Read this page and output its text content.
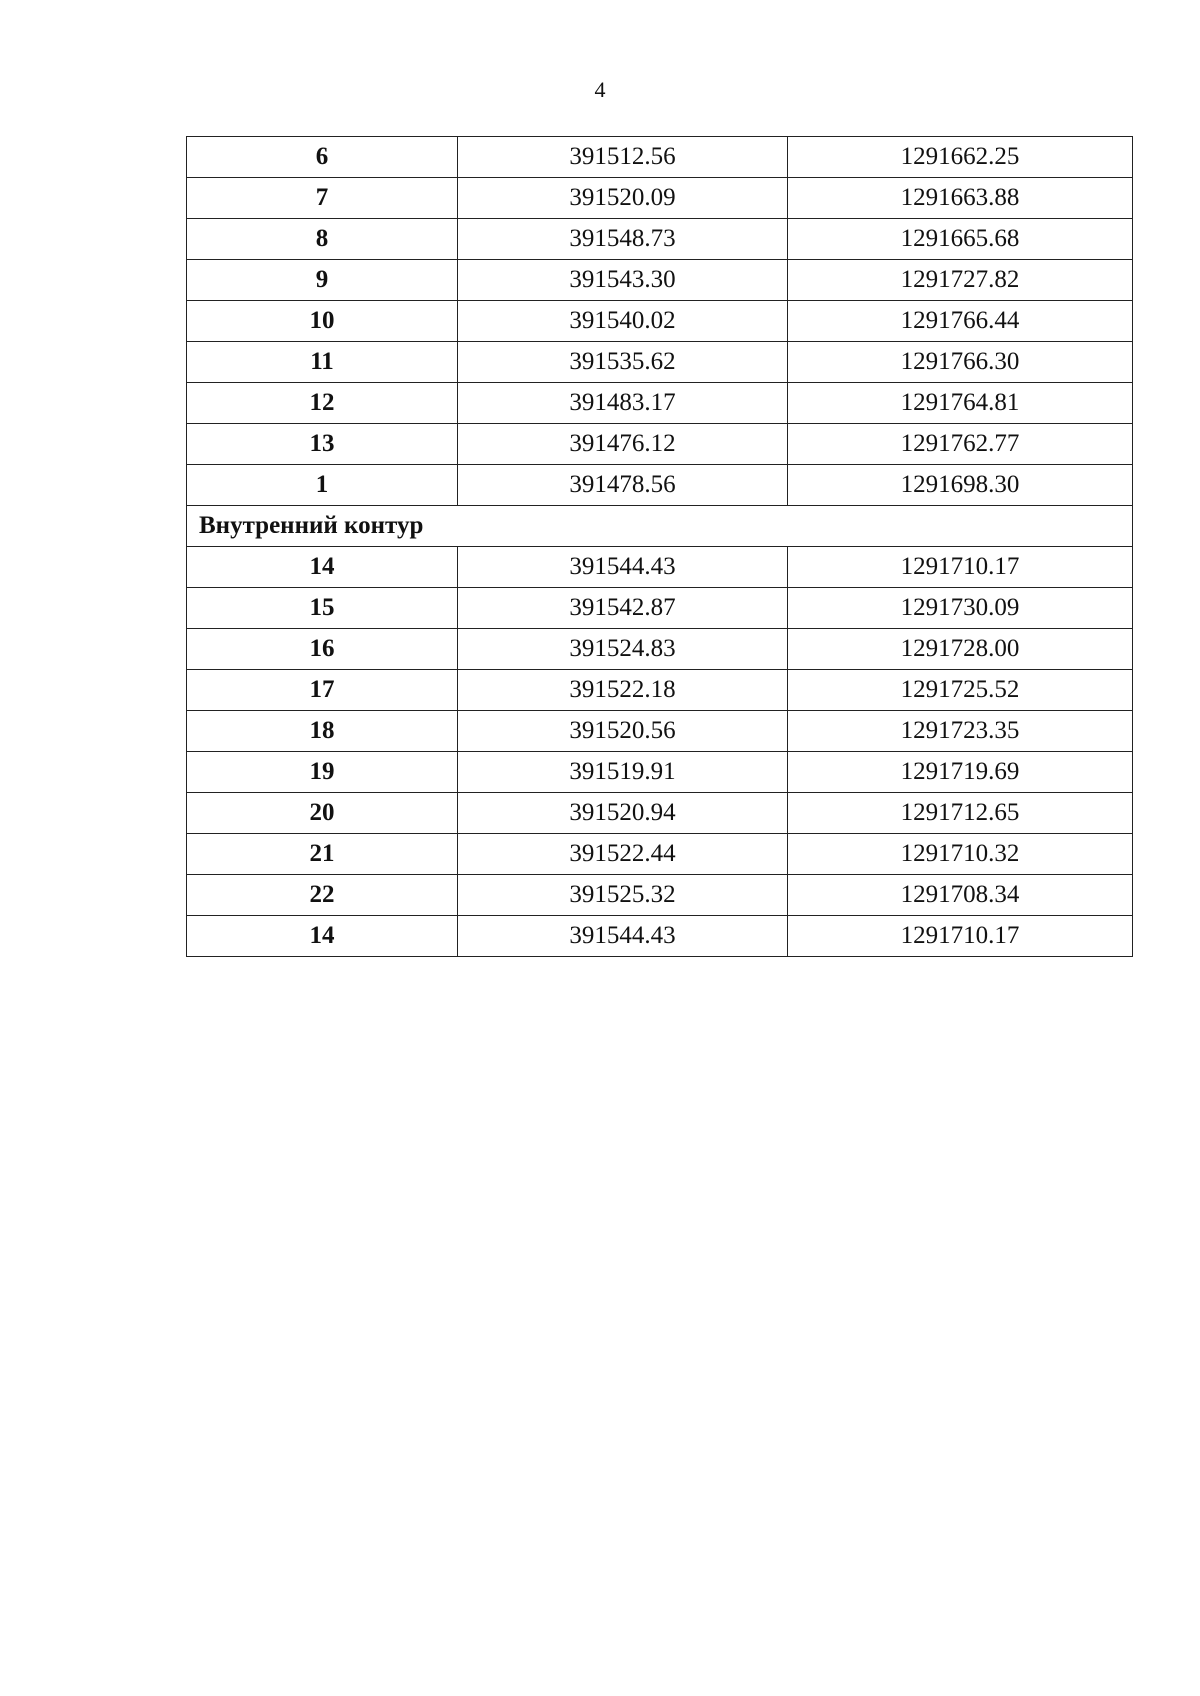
4
6	391512.56	1291662.25
7	391520.09	1291663.88
8	391548.73	1291665.68
9	391543.30	1291727.82
10	391540.02	1291766.44
11	391535.62	1291766.30
12	391483.17	1291764.81
13	391476.12	1291762.77
1	391478.56	1291698.30
Внутренний контур		
14	391544.43	1291710.17
15	391542.87	1291730.09
16	391524.83	1291728.00
17	391522.18	1291725.52
18	391520.56	1291723.35
19	391519.91	1291719.69
20	391520.94	1291712.65
21	391522.44	1291710.32
22	391525.32	1291708.34
14	391544.43	1291710.17
